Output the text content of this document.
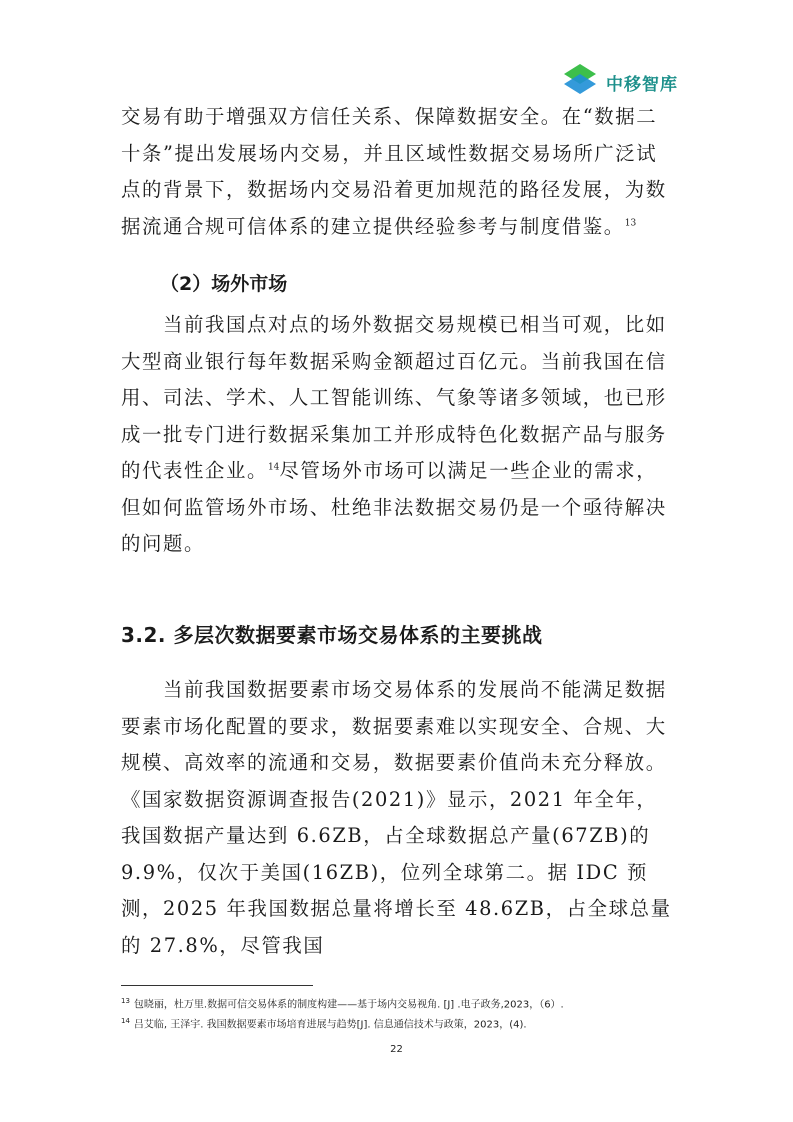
中移智库
交易有助于增强双方信任关系、保障数据安全。在“数据二十条”提出发展场内交易，并且区域性数据交易场所广泛试点的背景下，数据场内交易沿着更加规范的路径发展，为数据流通合规可信体系的建立提供经验参考与制度借鉴。$^{13}$
（2）场外市场
当前我国点对点的场外数据交易规模已相当可观，比如大型商业银行每年数据采购金额超过百亿元。当前我国在信用、司法、学术、人工智能训练、气象等诸多领域，也已形成一批专门进行数据采集加工并形成特色化数据产品与服务的代表性企业。$^{14}$尽管场外市场可以满足一些企业的需求，但如何监管场外市场、杜绝非法数据交易仍是一个亟待解决的问题。
3.2. 多层次数据要素市场交易体系的主要挑战
当前我国数据要素市场交易体系的发展尚不能满足数据要素市场化配置的要求，数据要素难以实现安全、合规、大规模、高效率的流通和交易，数据要素价值尚未充分释放。《国家数据资源调查报告(2021)》显示，2021 年全年，我国数据产量达到 6.6ZB，占全球数据总产量(67ZB)的 9.9%，仅次于美国(16ZB)，位列全球第二。据 IDC 预测，2025 年我国数据总量将增长至 48.6ZB，占全球总量的 27.8%，尽管我国
$^{13}$ 包晓丽，杜万里.数据可信交易体系的制度构建——基于场内交易视角. [J] .电子政务,2023，（6）.
$^{14}$ 吕艾临, 王泽宇. 我国数据要素市场培育进展与趋势[J]. 信息通信技术与政策，2023，(4).
22
